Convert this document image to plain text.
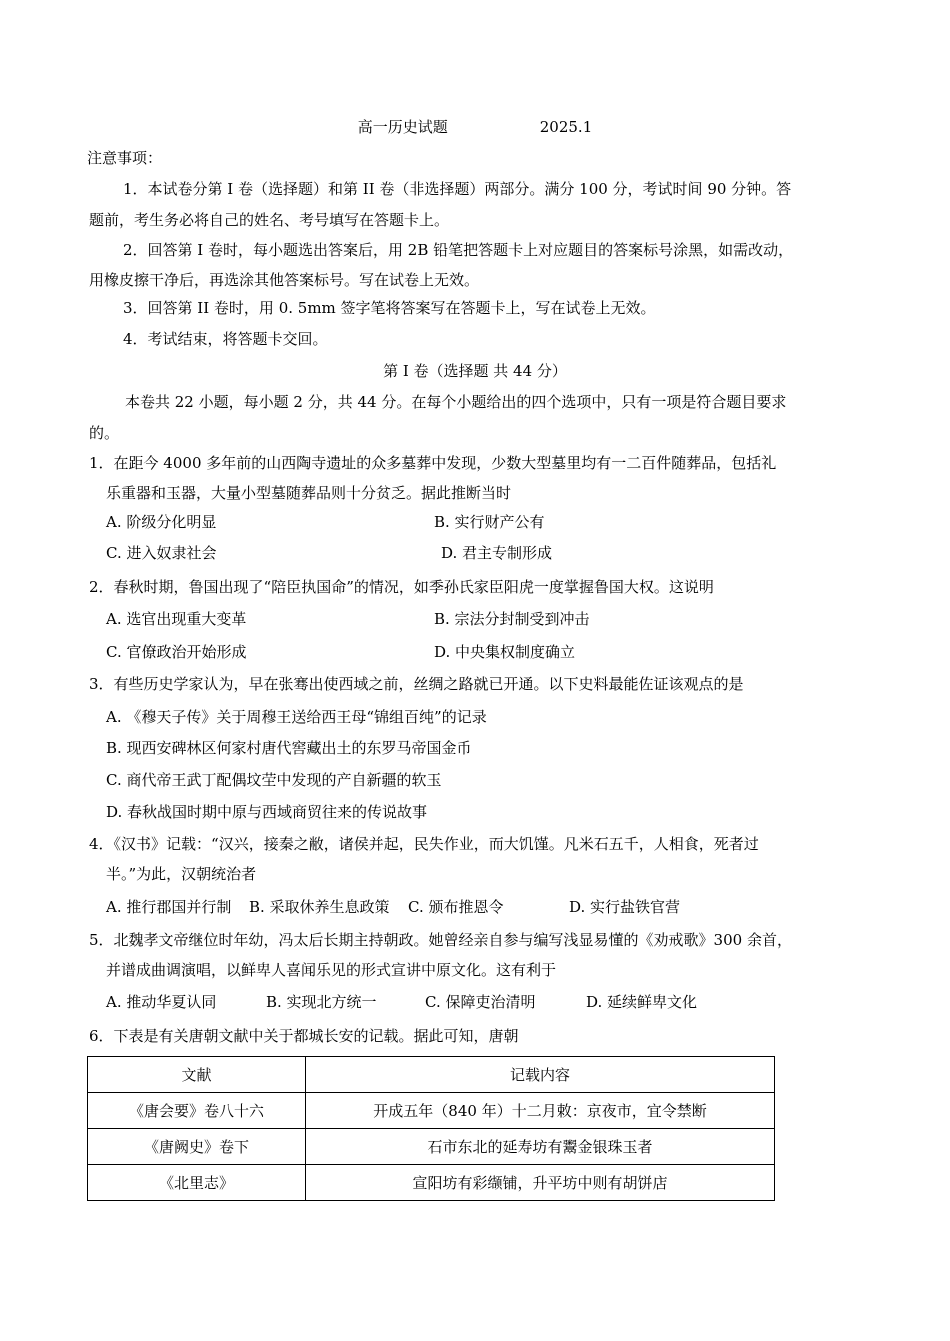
高一历史试题	2025.1
注意事项：
1．本试卷分第 I 卷（选择题）和第 II 卷（非选择题）两部分。满分 100 分，考试时间 90 分钟。答
题前，考生务必将自己的姓名、考号填写在答题卡上。
2．回答第 I 卷时，每小题选出答案后，用 2B 铅笔把答题卡上对应题目的答案标号涂黑，如需改动，
用橡皮擦干净后，再选涂其他答案标号。写在试卷上无效。
3．回答第 II 卷时，用 0. 5mm 签字笔将答案写在答题卡上，写在试卷上无效。
4．考试结束，将答题卡交回。
第 I 卷（选择题 共 44 分）
本卷共 22 小题，每小题 2 分，共 44 分。在每个小题给出的四个选项中，只有一项是符合题目要求
的。
1．在距今 4000 多年前的山西陶寺遗址的众多墓葬中发现，少数大型墓里均有一二百件随葬品，包括礼
乐重器和玉器，大量小型墓随葬品则十分贫乏。据此推断当时
A. 阶级分化明显	B. 实行财产公有
C. 进入奴隶社会	D. 君主专制形成
2．春秋时期，鲁国出现了“陪臣执国命”的情况，如季孙氏家臣阳虎一度掌握鲁国大权。这说明
A. 选官出现重大变革	B. 宗法分封制受到冲击
C. 官僚政治开始形成	D. 中央集权制度确立
3．有些历史学家认为，早在张骞出使西域之前，丝绸之路就已开通。以下史料最能佐证该观点的是
A. 《穆天子传》关于周穆王送给西王母“锦组百纯”的记录
B. 现西安碑林区何家村唐代窖藏出土的东罗马帝国金币
C. 商代帝王武丁配偶坟茔中发现的产自新疆的软玉
D. 春秋战国时期中原与西域商贸往来的传说故事
4．《汉书》记载：“汉兴，接秦之敝，诸侯并起，民失作业，而大饥馑。凡米石五千，人相食，死者过
半。”为此，汉朝统治者
A. 推行郡国并行制 B. 采取休养生息政策 C. 颁布推恩令	D. 实行盐铁官营
5．北魏孝文帝继位时年幼，冯太后长期主持朝政。她曾经亲自参与编写浅显易懂的《劝戒歌》300 余首，
并谱成曲调演唱，以鲜卑人喜闻乐见的形式宣讲中原文化。这有利于
A. 推动华夏认同	B. 实现北方统一	C. 保障吏治清明	D. 延续鲜卑文化
6．下表是有关唐朝文献中关于都城长安的记载。据此可知，唐朝
文献	记载内容
《唐会要》卷八十六	开成五年（840 年）十二月敕：京夜市，宜令禁断
《唐阙史》卷下	石市东北的延寿坊有鬻金银珠玉者
《北里志》	宣阳坊有彩缬铺，升平坊中则有胡饼店
